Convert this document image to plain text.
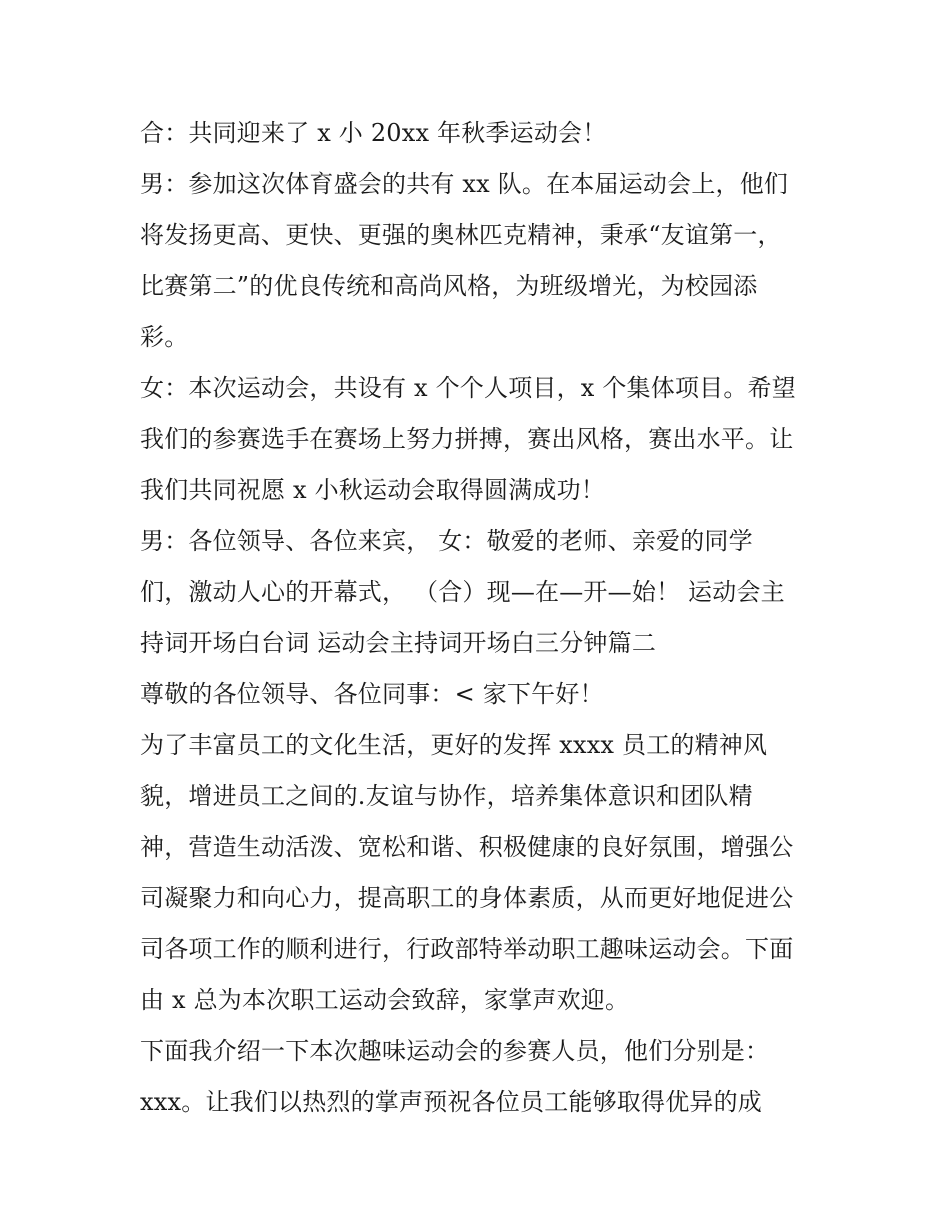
合：共同迎来了 x 小 20xx 年秋季运动会！
男：参加这次体育盛会的共有 xx 队。在本届运动会上，他们
将发扬更高、更快、更强的奥林匹克精神，秉承“友谊第一，
比赛第二”的优良传统和高尚风格，为班级增光，为校园添
彩。
女：本次运动会，共设有 x 个个人项目，x 个集体项目。希望
我们的参赛选手在赛场上努力拼搏，赛出风格，赛出水平。让
我们共同祝愿 x 小秋运动会取得圆满成功！
男：各位领导、各位来宾， 女：敬爱的老师、亲爱的同学
们，激动人心的开幕式， （合）现—在—开—始！ 运动会主
持词开场白台词 运动会主持词开场白三分钟篇二
尊敬的各位领导、各位同事：< 家下午好！
为了丰富员工的文化生活，更好的发挥 xxxx 员工的精神风
貌，增进员工之间的.友谊与协作，培养集体意识和团队精
神，营造生动活泼、宽松和谐、积极健康的良好氛围，增强公
司凝聚力和向心力，提高职工的身体素质，从而更好地促进公
司各项工作的顺利进行，行政部特举动职工趣味运动会。下面
由 x 总为本次职工运动会致辞，家掌声欢迎。
下面我介绍一下本次趣味运动会的参赛人员，他们分别是：
xxx。让我们以热烈的掌声预祝各位员工能够取得优异的成
